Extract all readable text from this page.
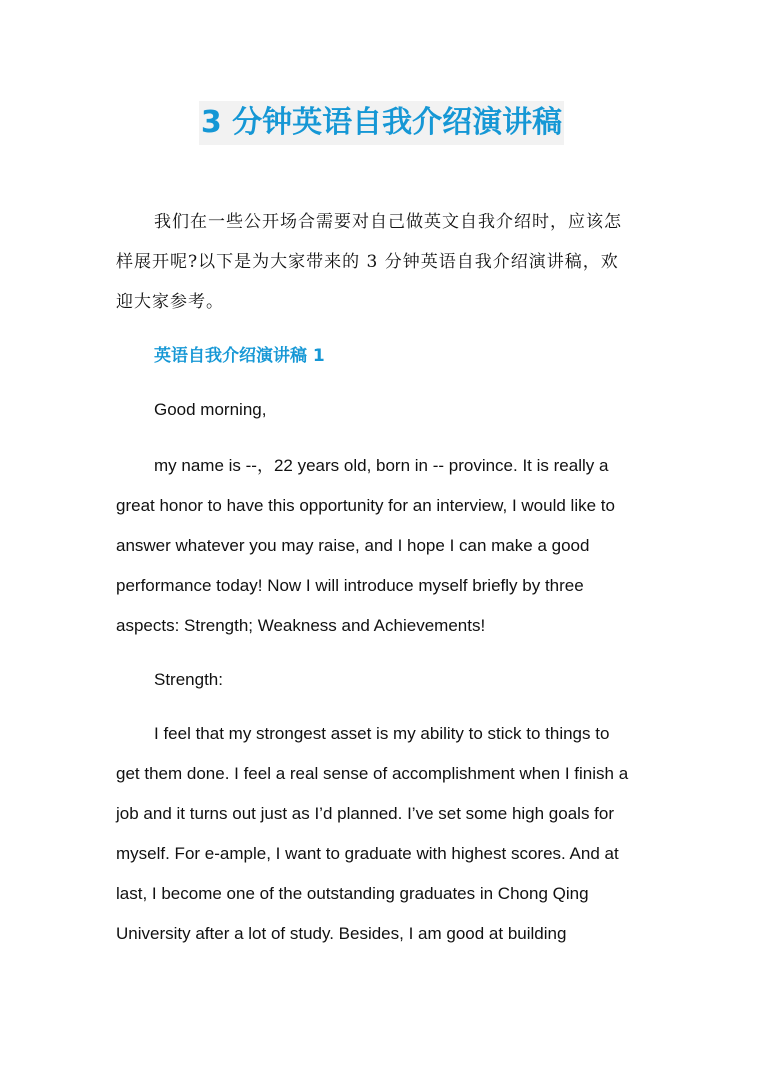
3 分钟英语自我介绍演讲稿

我们在一些公开场合需要对自己做英文自我介绍时，应该怎样展开呢?以下是为大家带来的 3 分钟英语自我介绍演讲稿，欢迎大家参考。

英语自我介绍演讲稿 1

Good morning,

my name is --，22 years old, born in -- province. It is really a great honor to have this opportunity for an interview, I would like to answer whatever you may raise, and I hope I can make a good performance today! Now I will introduce myself briefly by three aspects: Strength; Weakness and Achievements!

Strength:

I feel that my strongest asset is my ability to stick to things to get them done. I feel a real sense of accomplishment when I finish a job and it turns out just as I’d planned. I’ve set some high goals for myself. For e-ample, I want to graduate with highest scores. And at last, I become one of the outstanding graduates in Chong Qing University after a lot of study. Besides, I am good at building
